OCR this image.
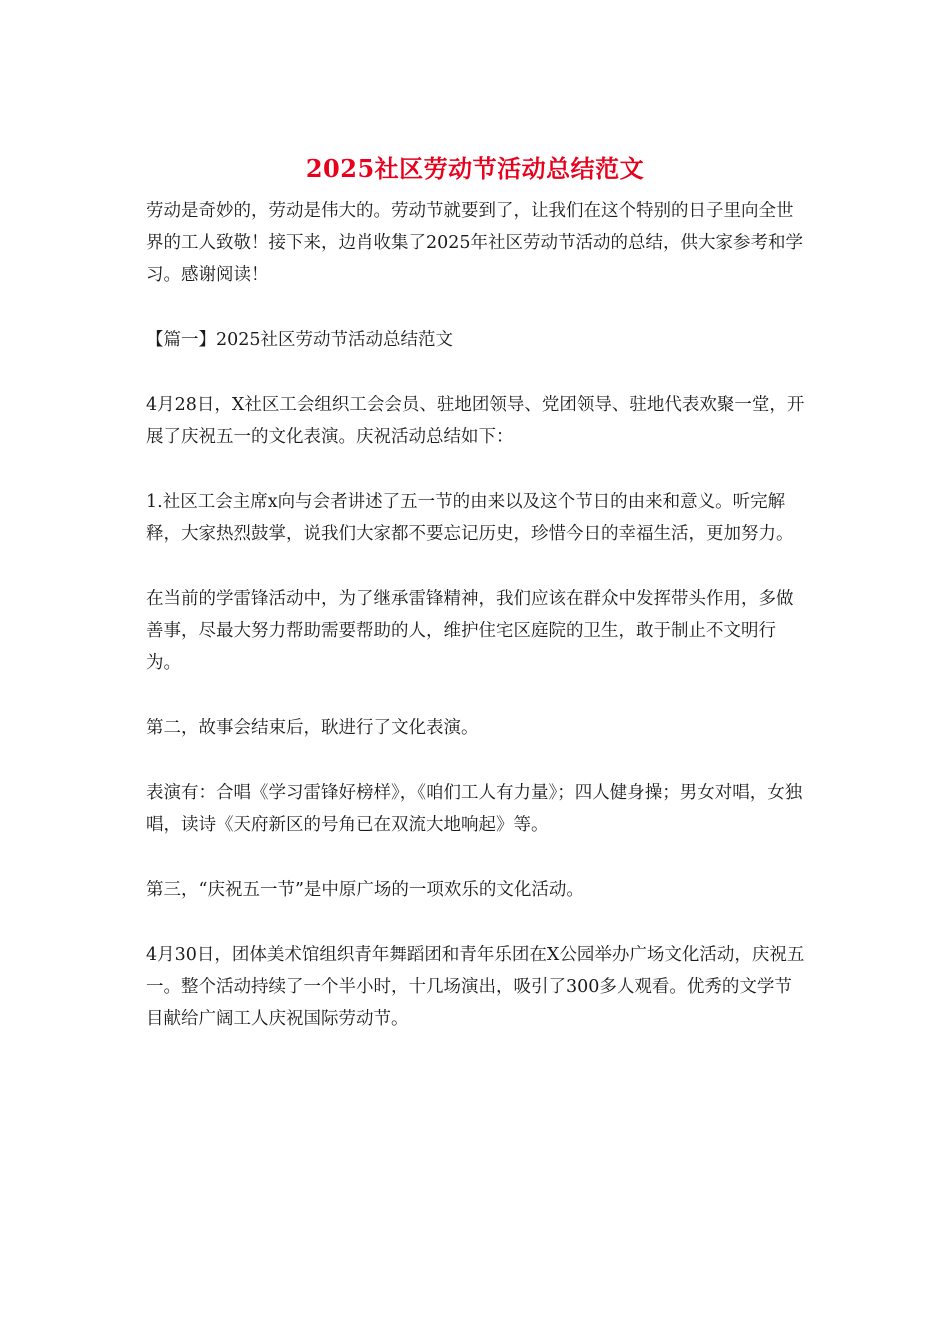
2025社区劳动节活动总结范文

劳动是奇妙的，劳动是伟大的。劳动节就要到了，让我们在这个特别的日子里向全世界的工人致敬！接下来，边肖收集了2025年社区劳动节活动的总结，供大家参考和学习。感谢阅读！

【篇一】2025社区劳动节活动总结范文

4月28日，X社区工会组织工会会员、驻地团领导、党团领导、驻地代表欢聚一堂，开展了庆祝五一的文化表演。庆祝活动总结如下：

1.社区工会主席x向与会者讲述了五一节的由来以及这个节日的由来和意义。听完解释，大家热烈鼓掌，说我们大家都不要忘记历史，珍惜今日的幸福生活，更加努力。

在当前的学雷锋活动中，为了继承雷锋精神，我们应该在群众中发挥带头作用，多做善事，尽最大努力帮助需要帮助的人，维护住宅区庭院的卫生，敢于制止不文明行为。

第二，故事会结束后，耿进行了文化表演。

表演有：合唱《学习雷锋好榜样》，《咱们工人有力量》；四人健身操；男女对唱，女独唱，读诗《天府新区的号角已在双流大地响起》等。

第三，“庆祝五一节”是中原广场的一项欢乐的文化活动。

4月30日，团体美术馆组织青年舞蹈团和青年乐团在X公园举办广场文化活动，庆祝五一。整个活动持续了一个半小时，十几场演出，吸引了300多人观看。优秀的文学节目献给广阔工人庆祝国际劳动节。
